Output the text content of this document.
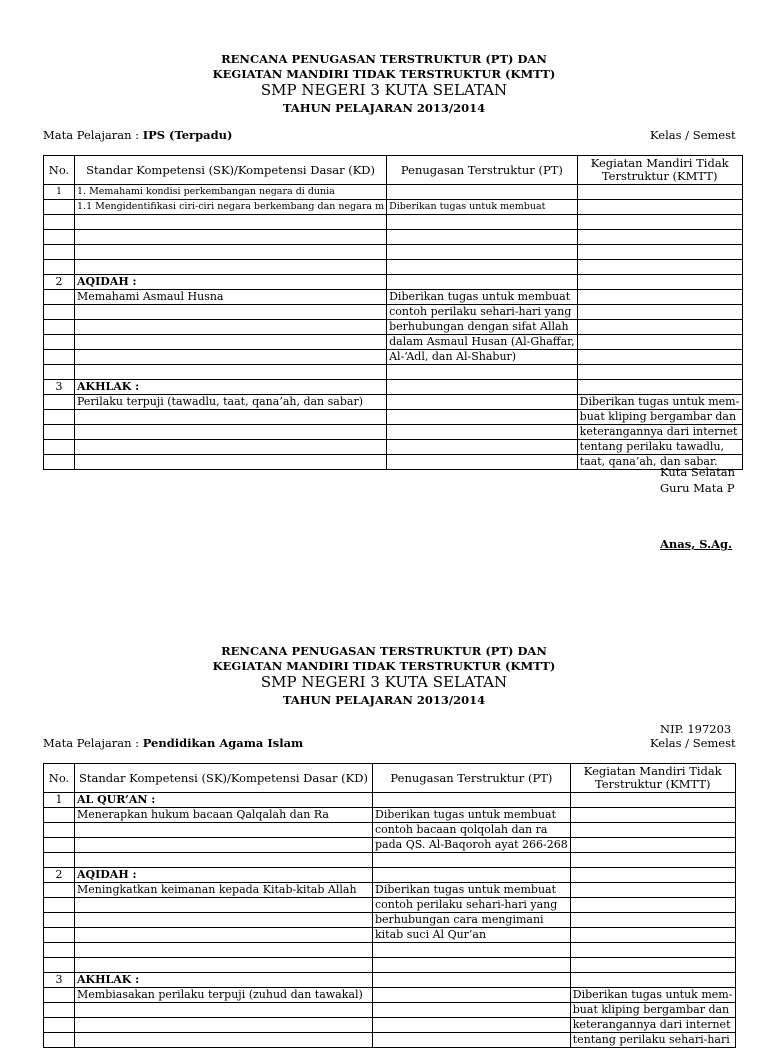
RENCANA PENUGASAN TERSTRUKTUR (PT) DAN
KEGIATAN MANDIRI TIDAK TERSTRUKTUR (KMTT)
SMP NEGERI 3 KUTA SELATAN
TAHUN PELAJARAN 2013/2014
Mata Pelajaran : IPS (Terpadu)	Kelas / Semest
No.	Standar Kompetensi (SK)/Kompetensi Dasar (KD)	Penugasan Terstruktur (PT)	Kegiatan Mandiri Tidak Terstruktur (KMTT)
1	1. Memahami kondisi perkembangan negara di dunia		
	1.1 Mengidentifikasi ciri-ciri negara berkembang dan negara m	Diberikan tugas untuk membuat	

2	AQIDAH :		
	Memahami Asmaul Husna	Diberikan tugas untuk membuat	
		contoh perilaku sehari-hari yang	
		berhubungan dengan sifat Allah	
		dalam Asmaul Husan (Al-Ghaffar,	
		Al-‘Adl, dan Al-Shabur)	

3	AKHLAK :		
	Perilaku terpuji (tawadlu, taat, qana’ah, dan sabar)		Diberikan tugas untuk mem-
			buat kliping bergambar dan
			keterangannya dari internet
			tentang perilaku tawadlu,
			taat, qana’ah, dan sabar.
Kuta Selatan
Guru Mata P
Anas, S.Ag.
RENCANA PENUGASAN TERSTRUKTUR (PT) DAN
KEGIATAN MANDIRI TIDAK TERSTRUKTUR (KMTT)
SMP NEGERI 3 KUTA SELATAN
TAHUN PELAJARAN 2013/2014
NIP. 197203
Mata Pelajaran : Pendidikan Agama Islam	Kelas / Semest
No.	Standar Kompetensi (SK)/Kompetensi Dasar (KD)	Penugasan Terstruktur (PT)	Kegiatan Mandiri Tidak Terstruktur (KMTT)
1	AL QUR’AN :		
	Menerapkan hukum bacaan Qalqalah dan Ra	Diberikan tugas untuk membuat	
		contoh bacaan qolqolah dan ra	
		pada QS. Al-Baqoroh ayat 266-268	

2	AQIDAH :		
	Meningkatkan keimanan kepada Kitab-kitab Allah	Diberikan tugas untuk membuat	
		contoh perilaku sehari-hari yang	
		berhubungan cara mengimani	
		kitab suci Al Qur’an	

3	AKHLAK :		
	Membiasakan perilaku terpuji (zuhud dan tawakal)		Diberikan tugas untuk mem-
			buat kliping bergambar dan
			keterangannya dari internet
			tentang perilaku sehari-hari
